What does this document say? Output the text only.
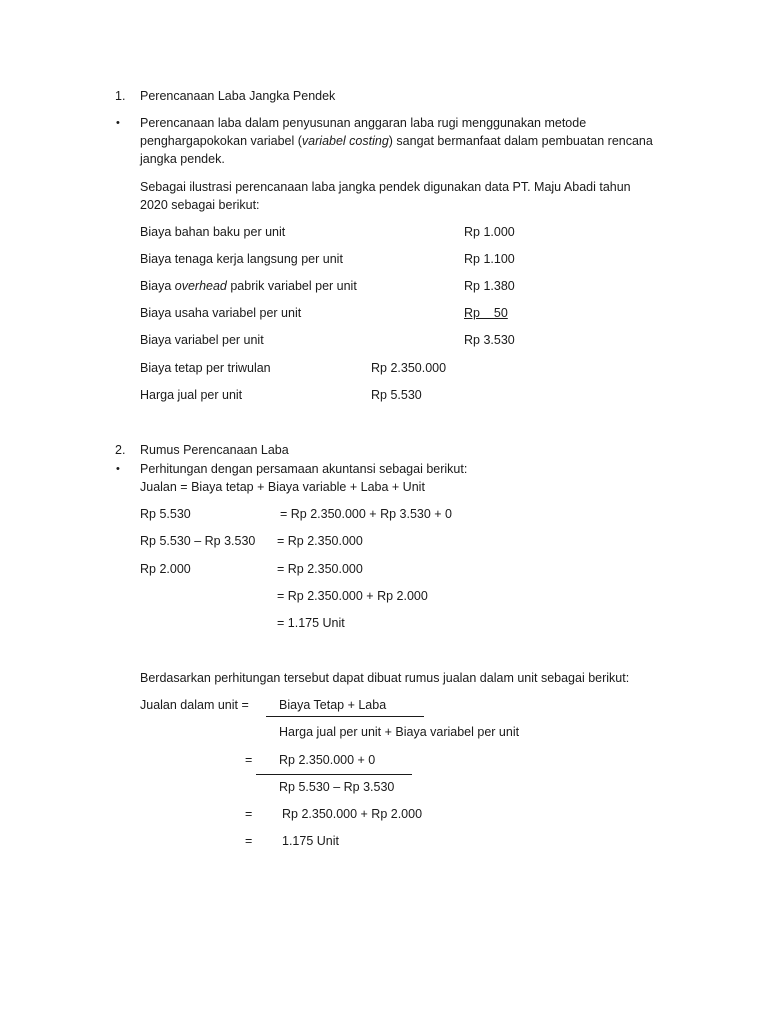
1. Perencanaan Laba Jangka Pendek
• Perencanaan laba dalam penyusunan anggaran laba rugi menggunakan metode
penghargapokokan variabel (variabel costing) sangat bermanfaat dalam pembuatan rencana
jangka pendek.
Sebagai ilustrasi perencanaan laba jangka pendek digunakan data PT. Maju Abadi tahun
2020 sebagai berikut:
Biaya bahan baku per unit	Rp 1.000
Biaya tenaga kerja langsung per unit	Rp 1.100
Biaya overhead pabrik variabel per unit	Rp 1.380
Biaya usaha variabel per unit	Rp    50
Biaya variabel per unit	Rp 3.530
Biaya tetap per triwulan	Rp 2.350.000
Harga jual per unit	Rp 5.530
2. Rumus Perencanaan Laba
• Perhitungan dengan persamaan akuntansi sebagai berikut:
Jualan = Biaya tetap + Biaya variable + Laba + Unit
Rp 5.530	= Rp 2.350.000 + Rp 3.530 + 0
Rp 5.530 – Rp 3.530 = Rp 2.350.000
Rp 2.000	= Rp 2.350.000
= Rp 2.350.000 + Rp 2.000
= 1.175 Unit
Berdasarkan perhitungan tersebut dapat dibuat rumus jualan dalam unit sebagai berikut:
Jualan dalam unit = Biaya Tetap + Laba
Harga jual per unit + Biaya variabel per unit
= Rp 2.350.000 + 0
Rp 5.530 – Rp 3.530
= Rp 2.350.000 + Rp 2.000
= 1.175 Unit
